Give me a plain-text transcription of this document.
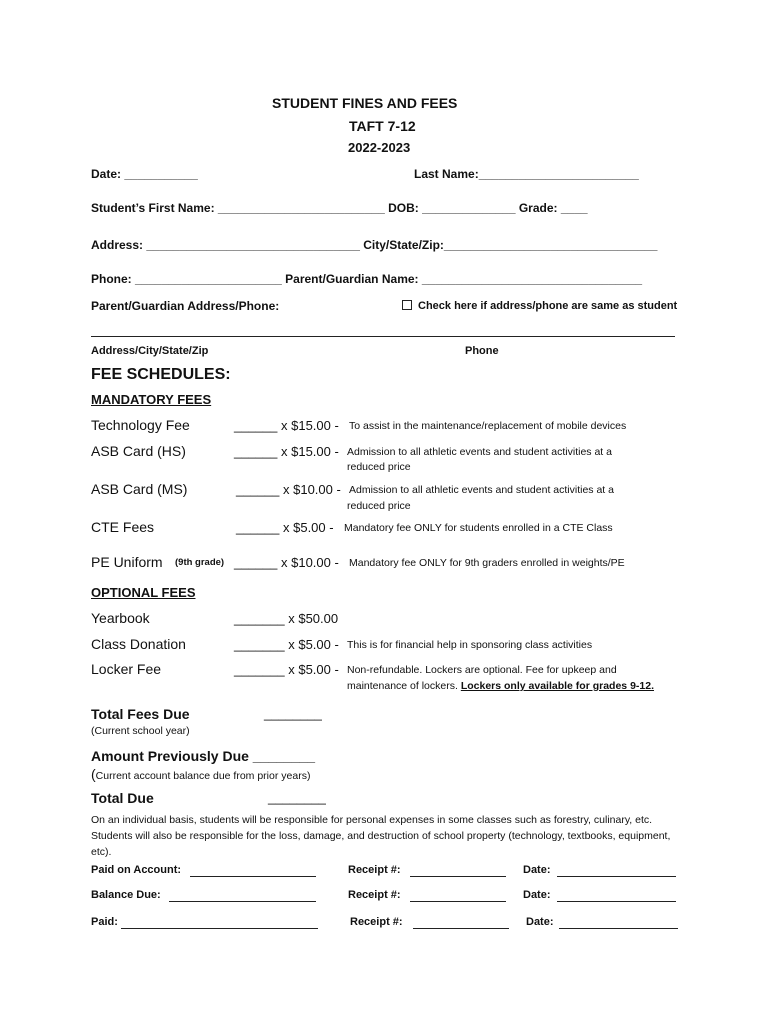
STUDENT FINES AND FEES
TAFT 7-12
2022-2023
Date: ___________	Last Name:________________________
Student’s First Name: _________________________ DOB: ______________ Grade: ____
Address: ________________________________ City/State/Zip:________________________________
Phone: ______________________ Parent/Guardian Name: _________________________________
Parent/Guardian Address/Phone:	Check here if address/phone are same as student
Address/City/State/Zip	Phone
FEE SCHEDULES:
MANDATORY FEES
Technology Fee	______ x $15.00 - To assist in the maintenance/replacement of mobile devices
ASB Card (HS)	______ x $15.00 - Admission to all athletic events and student activities at a
reduced price
ASB Card (MS)	______ x $10.00 - Admission to all athletic events and student activities at a
reduced price
CTE Fees	______ x $5.00 - Mandatory fee ONLY for students enrolled in a CTE Class
PE Uniform (9th grade) ______ x $10.00 - Mandatory fee ONLY for 9th graders enrolled in weights/PE
OPTIONAL FEES
Yearbook	_______ x $50.00
Class Donation	_______ x $5.00 - This is for financial help in sponsoring class activities
Locker Fee	_______ x $5.00 - Non-refundable. Lockers are optional. Fee for upkeep and
maintenance of lockers. Lockers only available for grades 9-12.
Total Fees Due	________
(Current school year)
Amount Previously Due ________
(Current account balance due from prior years)
Total Due	________
On an individual basis, students will be responsible for personal expenses in some classes such as forestry, culinary, etc. Students will also be responsible for the loss, damage, and destruction of school property (technology, textbooks, equipment, etc).
Paid on Account:	Receipt #:	Date:
Balance Due:	Receipt #:	Date:
Paid:	Receipt #:	Date:
